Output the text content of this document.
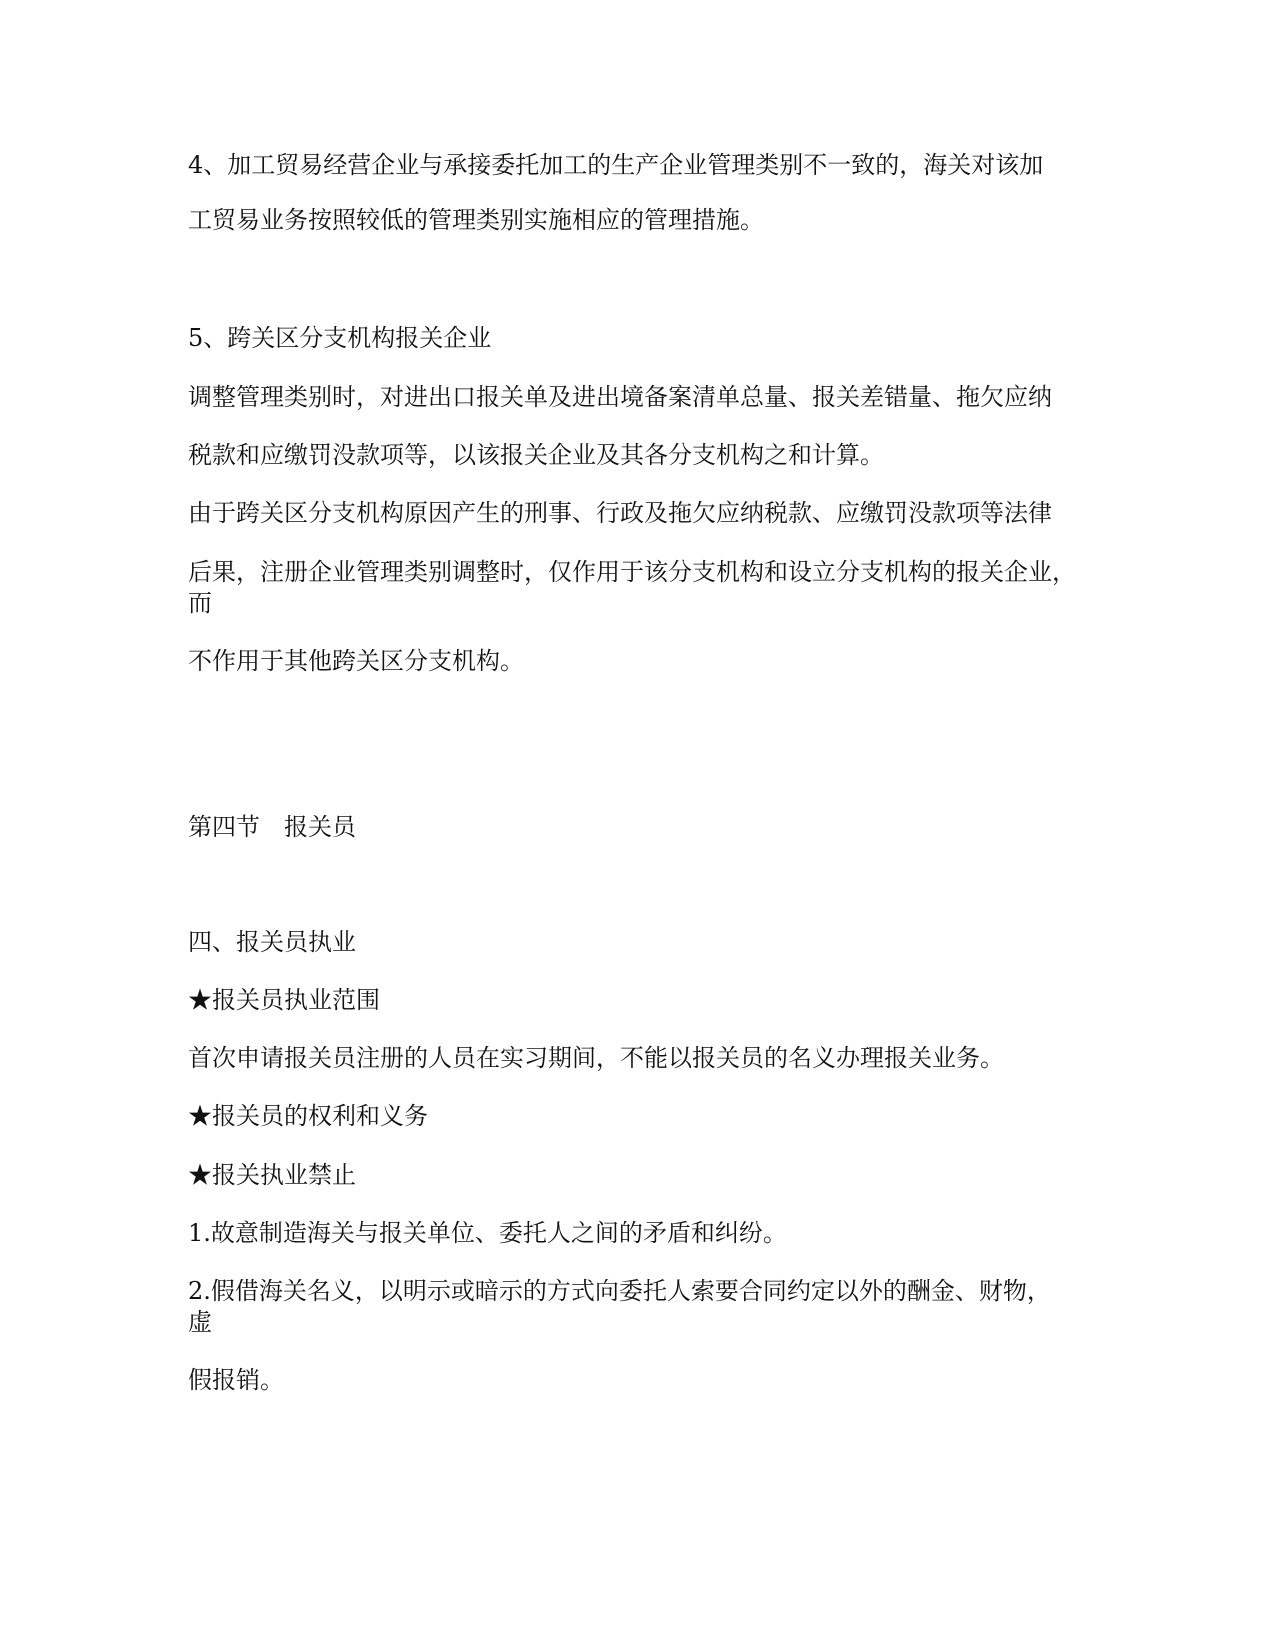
4、加工贸易经营企业与承接委托加工的生产企业管理类别不一致的，海关对该加
工贸易业务按照较低的管理类别实施相应的管理措施。
5、跨关区分支机构报关企业
调整管理类别时，对进出口报关单及进出境备案清单总量、报关差错量、拖欠应纳
税款和应缴罚没款项等，以该报关企业及其各分支机构之和计算。
由于跨关区分支机构原因产生的刑事、行政及拖欠应纳税款、应缴罚没款项等法律
后果，注册企业管理类别调整时，仅作用于该分支机构和设立分支机构的报关企业，
而
不作用于其他跨关区分支机构。
第四节　报关员
四、报关员执业
★报关员执业范围
首次申请报关员注册的人员在实习期间，不能以报关员的名义办理报关业务。
★报关员的权利和义务
★报关执业禁止
1.故意制造海关与报关单位、委托人之间的矛盾和纠纷。
2.假借海关名义，以明示或暗示的方式向委托人索要合同约定以外的酬金、财物，
虚
假报销。
